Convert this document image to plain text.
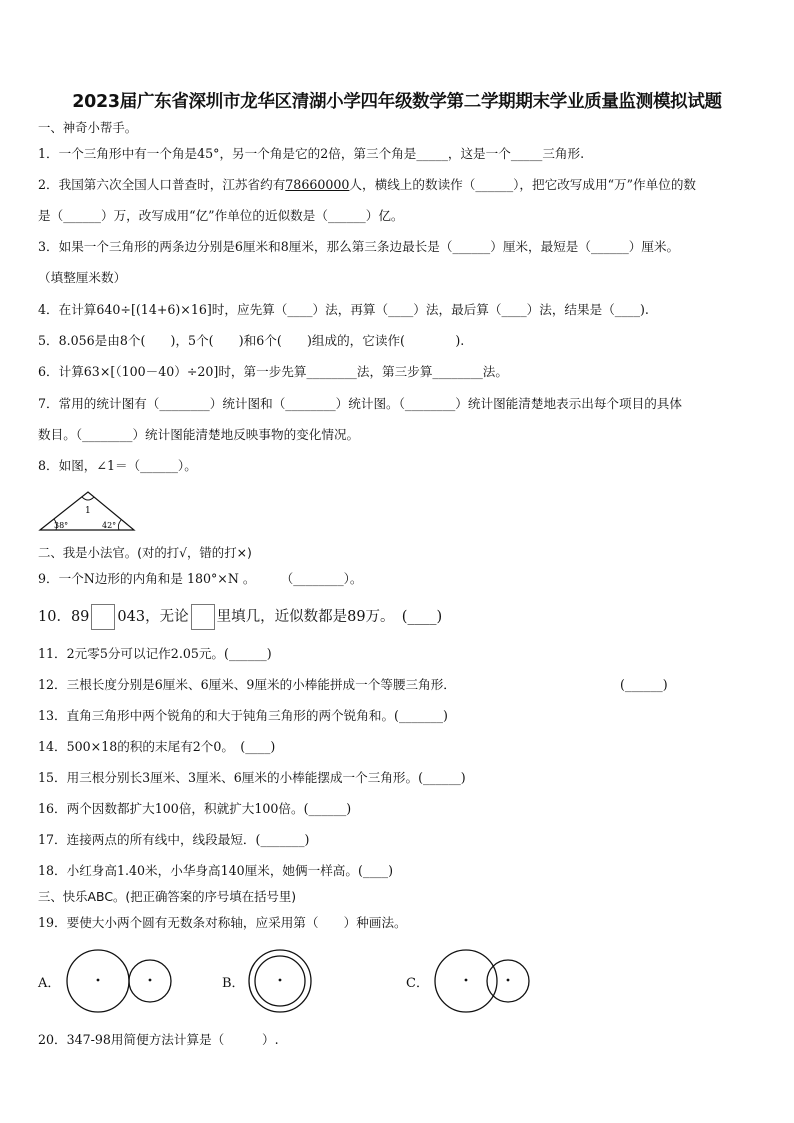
2023届广东省深圳市龙华区清湖小学四年级数学第二学期期末学业质量监测模拟试题
一、神奇小帮手。
1．一个三角形中有一个角是45°，另一个角是它的2倍，第三个角是_____，这是一个_____三角形.
2．我国第六次全国人口普查时，江苏省约有78660000人，横线上的数读作（______），把它改写成用“万”作单位的数
是（______）万，改写成用“亿”作单位的近似数是（______）亿。
3．如果一个三角形的两条边分别是6厘米和8厘米，那么第三条边最长是（______）厘米，最短是（______）厘米。
（填整厘米数）
4．在计算640÷[(14+6)×16]时，应先算（____）法，再算（____）法，最后算（____）法，结果是（____).
5．8.056是由8个(　　)，5个(　　)和6个(　　)组成的，它读作(　　　　).
6．计算63×[（100－40）÷20]时，第一步先算________法，第三步算________法。
7．常用的统计图有（________）统计图和（________）统计图。（________）统计图能清楚地表示出每个项目的具体
数目。（________）统计图能清楚地反映事物的变化情况。
8．如图，∠1＝（______）。
1
38°	42°
二、我是小法官。(对的打√，错的打×)
9．一个N边形的内角和是 180°×N 。　　　（________）。
10．89 043，无论 里填几，近似数都是89万。　(____)
11．2元零5分可以记作2.05元。(______)
12．三根长度分别是6厘米、6厘米、9厘米的小棒能拼成一个等腰三角形．	(______)
13．直角三角形中两个锐角的和大于钝角三角形的两个锐角和。(_______)
14．500×18的积的末尾有2个0。　(____)
15．用三根分别长3厘米、3厘米、6厘米的小棒能摆成一个三角形。(______)
16．两个因数都扩大100倍，积就扩大100倍。(______)
17．连接两点的所有线中，线段最短．(_______)
18．小红身高1.40米，小华身高140厘米，她俩一样高。(____)
三、快乐ABC。(把正确答案的序号填在括号里)
19．要使大小两个圆有无数条对称轴，应采用第（　　）种画法。
A．	B．	C．
20．347-98用简便方法计算是（　　　）.
